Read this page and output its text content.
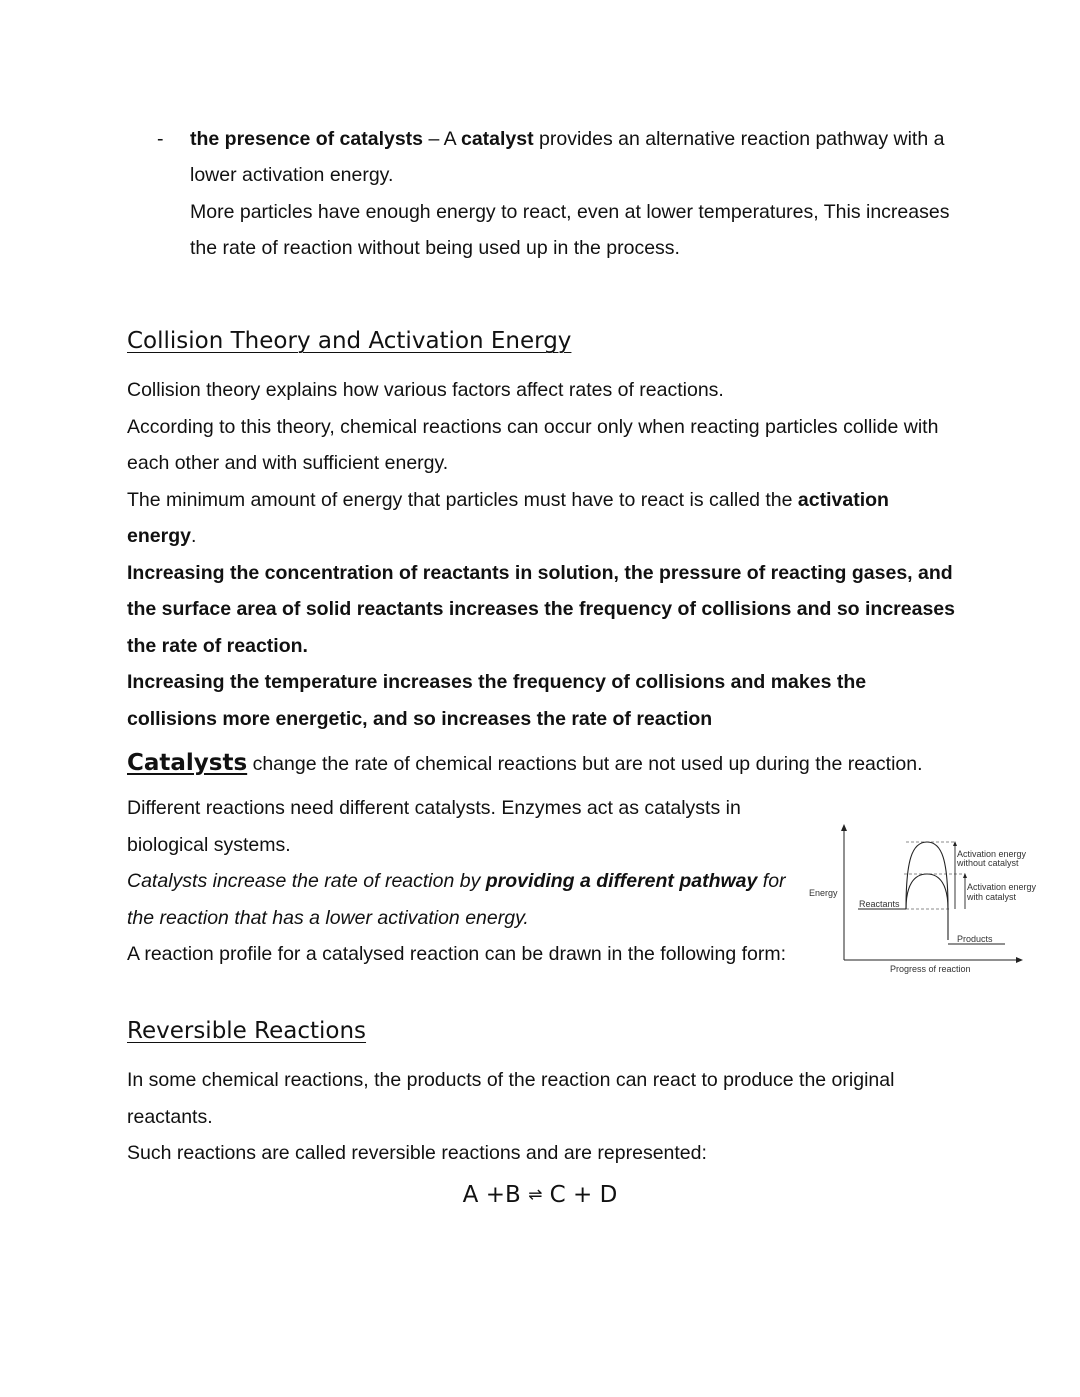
- the presence of catalysts – A catalyst provides an alternative reaction pathway with a
lower activation energy.
More particles have enough energy to react, even at lower temperatures, This increases
the rate of reaction without being used up in the process.
Collision Theory and Activation Energy
Collision theory explains how various factors affect rates of reactions.
According to this theory, chemical reactions can occur only when reacting particles collide with
each other and with sufficient energy.
The minimum amount of energy that particles must have to react is called the activation
energy.
Increasing the concentration of reactants in solution, the pressure of reacting gases, and
the surface area of solid reactants increases the frequency of collisions and so increases
the rate of reaction.
Increasing the temperature increases the frequency of collisions and makes the
collisions more energetic, and so increases the rate of reaction
Catalysts change the rate of chemical reactions but are not used up during the reaction.
Different reactions need different catalysts. Enzymes act as catalysts in
biological systems.
Catalysts increase the rate of reaction by providing a different pathway for
the reaction that has a lower activation energy.
A reaction profile for a catalysed reaction can be drawn in the following form:
Energy
Reactants
Products
Progress of reaction
Activation energy
without catalyst
Activation energy
with catalyst
Reversible Reactions
In some chemical reactions, the products of the reaction can react to produce the original
reactants.
Such reactions are called reversible reactions and are represented:
A +B ⇌ C + D
